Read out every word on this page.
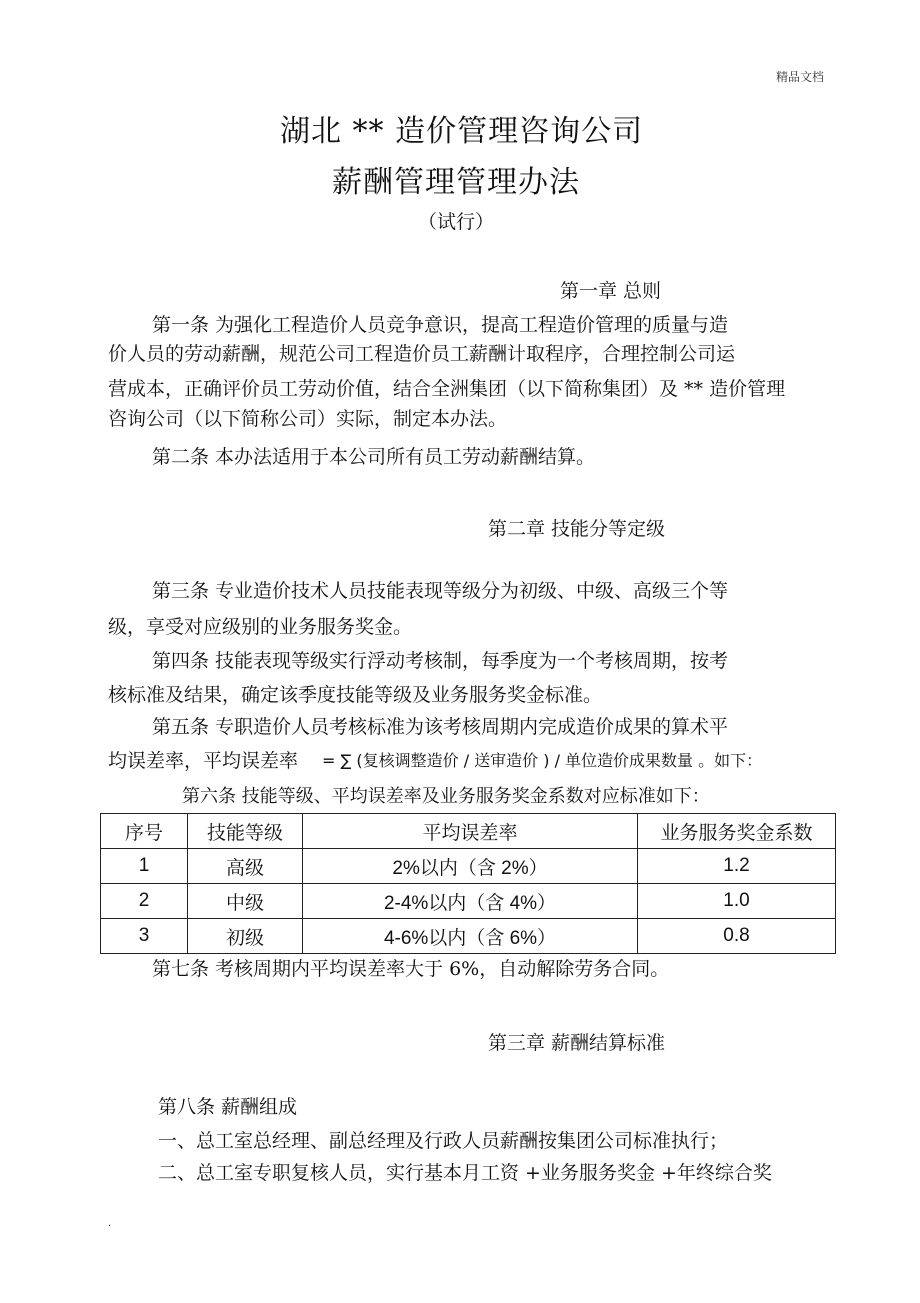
精品文档
湖北 ** 造价管理咨询公司
薪酬管理管理办法
（试行）
第一章 总则
第一条 为强化工程造价人员竞争意识，提高工程造价管理的质量与造
价人员的劳动薪酬，规范公司工程造价员工薪酬计取程序，合理控制公司运
营成本，正确评价员工劳动价值，结合全洲集团（以下简称集团）及 ** 造价管理
咨询公司（以下简称公司）实际，制定本办法。
第二条 本办法适用于本公司所有员工劳动薪酬结算。
第二章 技能分等定级
第三条 专业造价技术人员技能表现等级分为初级、中级、高级三个等
级，享受对应级别的业务服务奖金。
第四条 技能表现等级实行浮动考核制，每季度为一个考核周期，按考
核标准及结果，确定该季度技能等级及业务服务奖金标准。
第五条 专职造价人员考核标准为该考核周期内完成造价成果的算术平
均误差率，平均误差率 = ∑ (复核调整造价 / 送审造价 ) / 单位造价成果数量 。如下：
第六条 技能等级、平均误差率及业务服务奖金系数对应标准如下：
序号	技能等级	平均误差率	业务服务奖金系数
1	高级	2%以内（含 2%）	1.2
2	中级	2-4%以内（含 4%）	1.0
3	初级	4-6%以内（含 6%）	0.8
第七条 考核周期内平均误差率大于 6%，自动解除劳务合同。
第三章 薪酬结算标准
第八条 薪酬组成
一、总工室总经理、副总经理及行政人员薪酬按集团公司标准执行；
二、总工室专职复核人员，实行基本月工资 +业务服务奖金 +年终综合奖
.
